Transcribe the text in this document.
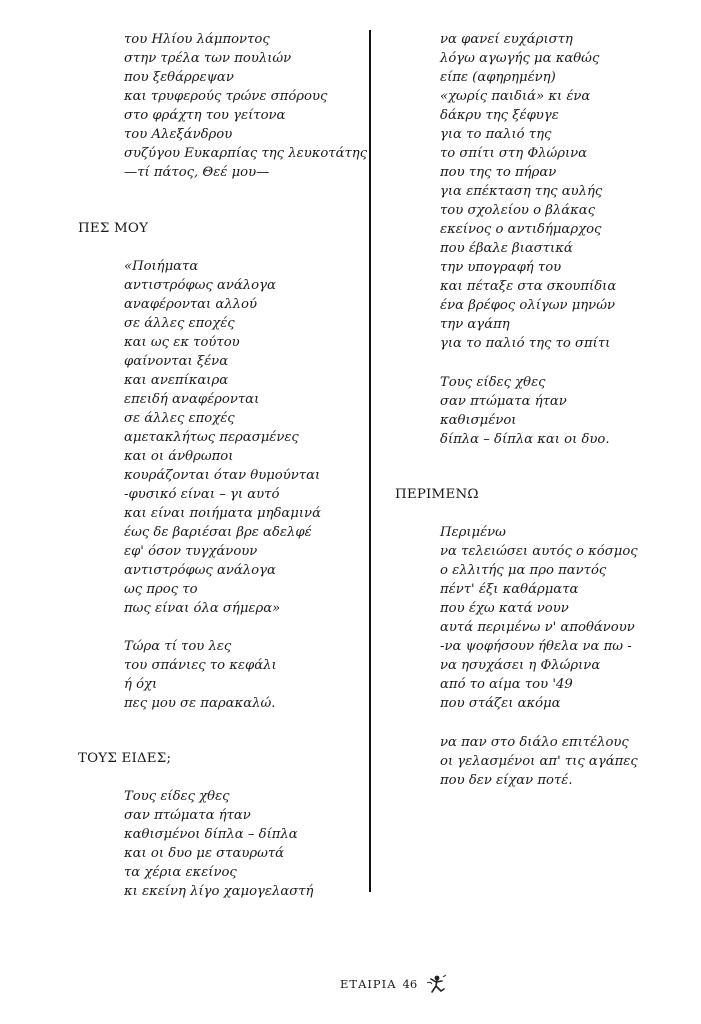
του Ηλίου λάμποντος
στην τρέλα των πουλιών
που ξεθάρρεψαν
και τρυφερούς τρώνε σπόρους
στο φράχτη του γείτονα
του Αλεξάνδρου
συζύγου Ευκαρπίας της λευκοτάτης
—τί πάτος, Θεέ μου—
ΠΕΣ ΜΟΥ
«Ποιήματα
αντιστρόφως ανάλογα
αναφέρονται αλλού
σε άλλες εποχές
και ως εκ τούτου
φαίνονται ξένα
και ανεπίκαιρα
επειδή αναφέρονται
σε άλλες εποχές
αμετακλήτως περασμένες
και οι άνθρωποι
κουράζονται όταν θυμούνται
-φυσικό είναι – γι αυτό
και είναι ποιήματα μηδαμινά
έως δε βαριέσαι βρε αδελφέ
εφ' όσον τυγχάνουν
αντιστρόφως ανάλογα
ως προς το
πως είναι όλα σήμερα»
Τώρα τί του λες
του σπάνιες το κεφάλι
ή όχι
πες μου σε παρακαλώ.
ΤΟΥΣ ΕΙΔΕΣ;
Τους είδες χθες
σαν πτώματα ήταν
καθισμένοι δίπλα – δίπλα
και οι δυο με σταυρωτά
τα χέρια εκείνος
κι εκείνη λίγο χαμογελαστή
να φανεί ευχάριστη
λόγω αγωγής μα καθώς
είπε (αφηρημένη)
«χωρίς παιδιά» κι ένα
δάκρυ της ξέφυγε
για το παλιό της
το σπίτι στη Φλώρινα
που της το πήραν
για επέκταση της αυλής
του σχολείου ο βλάκας
εκείνος ο αντιδήμαρχος
που έβαλε βιαστικά
την υπογραφή του
και πέταξε στα σκουπίδια
ένα βρέφος ολίγων μηνών
την αγάπη
για το παλιό της το σπίτι
Τους είδες χθες
σαν πτώματα ήταν
καθισμένοι
δίπλα – δίπλα και οι δυο.
ΠΕΡΙΜΕΝΩ
Περιμένω
να τελειώσει αυτός ο κόσμος
ο ελλιτής μα προ παντός
πέντ' έξι καθάρματα
που έχω κατά νουν
αυτά περιμένω ν' αποθάνουν
-να ψοφήσουν ήθελα να πω -
να ησυχάσει η Φλώρινα
από το αίμα του '49
που στάζει ακόμα
να παν στο διάλο επιτέλους
οι γελασμένοι απ' τις αγάπες
που δεν είχαν ποτέ.
ΕΤΑΙΡΙΑ 46
